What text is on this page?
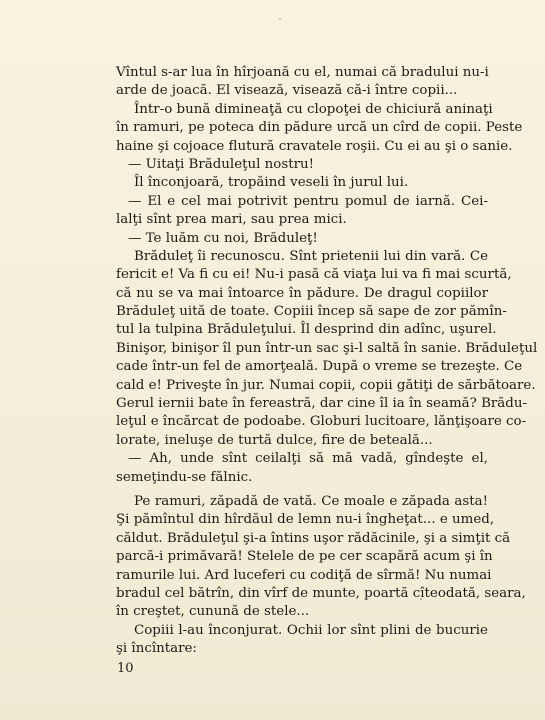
Vîntul s-ar lua în hîrjoană cu el, numai că bradului nu-i
arde de joacă. El visează, visează că-i între copii...
Într-o bună dimineaţă cu clopoţei de chiciură aninaţi
în ramuri, pe poteca din pădure urcă un cîrd de copii. Peste
haine şi cojoace flutură cravatele roşii. Cu ei au şi o sanie.
— Uitaţi Brăduleţul nostru!
Îl înconjoară, tropăind veseli în jurul lui.
— El e cel mai potrivit pentru pomul de iarnă. Cei-
lalţi sînt prea mari, sau prea mici.
— Te luăm cu noi, Brăduleţ!
Brăduleţ îi recunoscu. Sînt prietenii lui din vară. Ce
fericit e! Va fi cu ei! Nu-i pasă că viaţa lui va fi mai scurtă,
că nu se va mai întoarce în pădure. De dragul copiilor
Brăduleţ uită de toate. Copiii încep să sape de zor pămîn-
tul la tulpina Brăduleţului. Îl desprind din adînc, uşurel.
Binişor, binişor îl pun într-un sac şi-l saltă în sanie. Brăduleţul
cade într-un fel de amorţeală. După o vreme se trezeşte. Ce
cald e! Priveşte în jur. Numai copii, copii gătiţi de sărbătoare.
Gerul iernii bate în fereastră, dar cine îl ia în seamă? Brădu-
leţul e încărcat de podoabe. Globuri lucitoare, lănţişoare co-
lorate, ineluşe de turtă dulce, fire de beteală...
— Ah, unde sînt ceilalţi să mă vadă, gîndeşte el,
semeţindu-se fălnic.
Pe ramuri, zăpadă de vată. Ce moale e zăpada asta!
Şi pămîntul din hîrdăul de lemn nu-i îngheţat... e umed,
căldut. Brăduleţul şi-a întins uşor rădăcinile, şi a simţit că
parcă-i primăvară! Stelele de pe cer scapără acum şi în
ramurile lui. Ard luceferi cu codiţă de sîrmă! Nu numai
bradul cel bătrîn, din vîrf de munte, poartă cîteodată, seara,
în creştet, cunună de stele...
Copiii l-au înconjurat. Ochii lor sînt plini de bucurie
şi încîntare:
10
